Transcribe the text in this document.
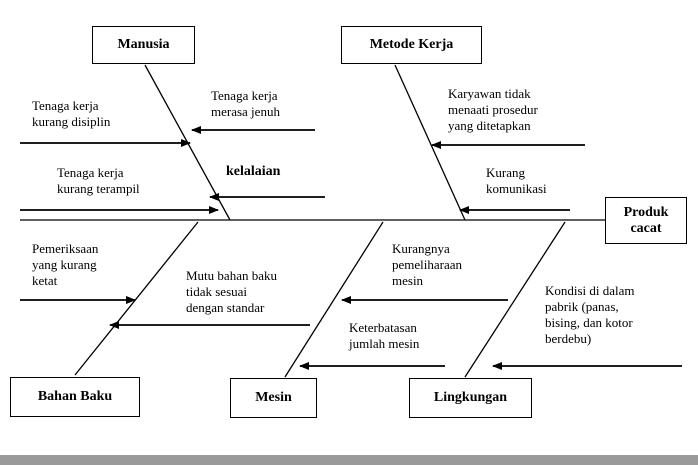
Manusia	Metode Kerja
Bahan Baku	Mesin	Lingkungan
Produk
cacat
Tenaga kerja
kurang disiplin
Tenaga kerja
merasa jenuh
Tenaga kerja
kurang terampil
kelalaian
Karyawan tidak
menaati prosedur
yang ditetapkan
Kurang
komunikasi
Pemeriksaan
yang kurang
ketat	Mutu bahan baku
tidak sesuai
dengan standar
Kurangnya
pemeliharaan
mesin
Keterbatasan
jumlah mesin
Kondisi di dalam
pabrik (panas,
bising, dan kotor
berdebu)
